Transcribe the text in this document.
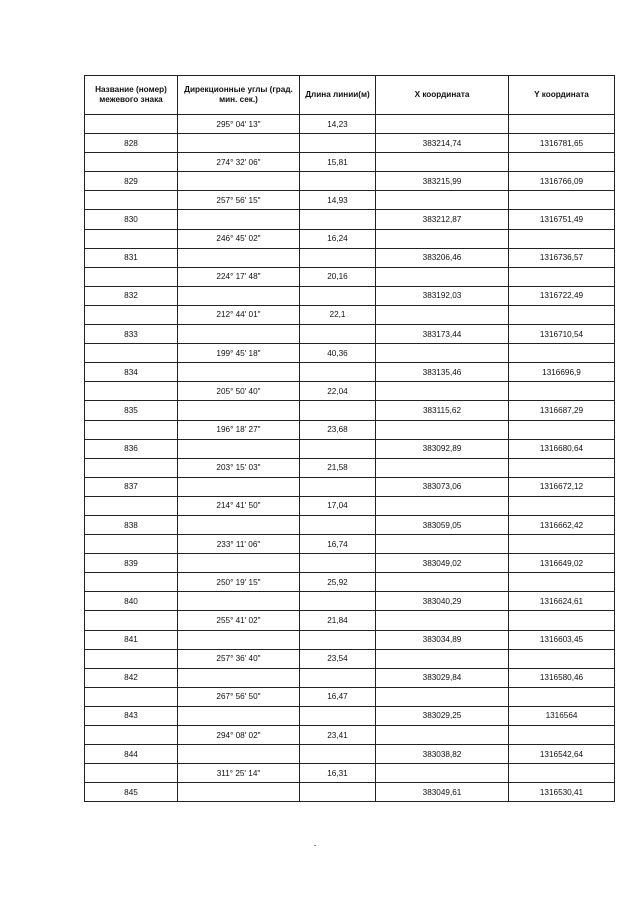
Название (номер) межевого знака	Дирекционные углы (град. мин. сек.)	Длина линии(м)	X координата	Y координата
	295° 04' 13"	14,23		
828			383214,74	1316781,65
	274° 32' 06"	15,81		
829			383215,99	1316766,09
	257° 56' 15"	14,93		
830			383212,87	1316751,49
	246° 45' 02"	16,24		
831			383206,46	1316736,57
	224° 17' 48"	20,16		
832			383192,03	1316722,49
	212° 44' 01"	22,1		
833			383173,44	1316710,54
	199° 45' 18"	40,36		
834			383135,46	1316696,9
	205° 50' 40"	22,04		
835			383115,62	1316687,29
	196° 18' 27"	23,68		
836			383092,89	1316680,64
	203° 15' 03"	21,58		
837			383073,06	1316672,12
	214° 41' 50"	17,04		
838			383059,05	1316662,42
	233° 11' 06"	16,74		
839			383049,02	1316649,02
	250° 19' 15"	25,92		
840			383040,29	1316624,61
	255° 41' 02"	21,84		
841			383034,89	1316603,45
	257° 36' 40"	23,54		
842			383029,84	1316580,46
	267° 56' 50"	16,47		
843			383029,25	1316564
	294° 08' 02"	23,41		
844			383038,82	1316542,64
	311° 25' 14"	16,31		
845			383049,61	1316530,41
